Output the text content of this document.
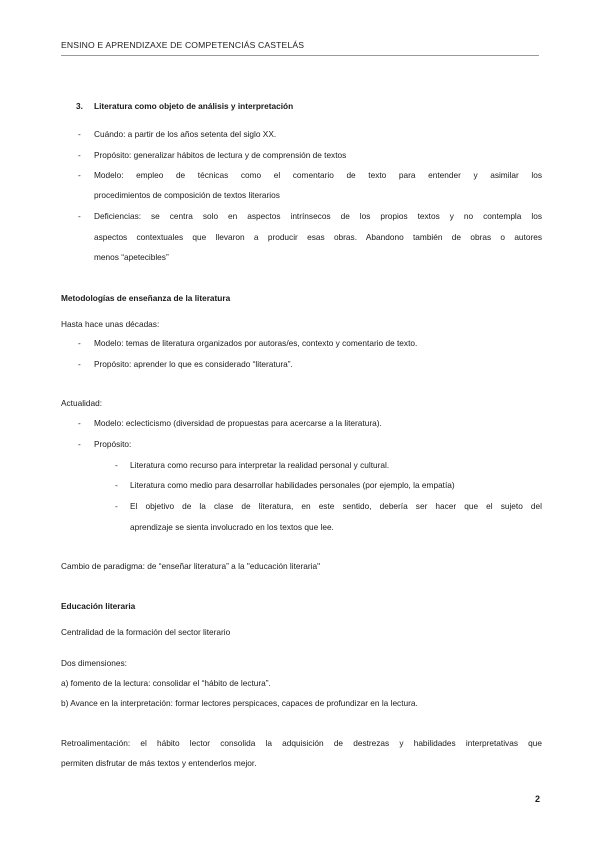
ENSINO E APRENDIZAXE DE COMPETENCIÁS CASTELÁS
3. Literatura como objeto de análisis y interpretación
- Cuándo: a partir de los años setenta del siglo XX.
- Propósito: generalizar hábitos de lectura y de comprensión de textos
- Modelo: empleo de técnicas como el comentario de texto para entender y asimilar los
procedimientos de composición de textos literarios
- Deficiencias: se centra solo en aspectos intrínsecos de los propios textos y no contempla los
aspectos contextuales que llevaron a producir esas obras. Abandono también de obras o autores
menos “apetecibles”
Metodologías de enseñanza de la literatura
Hasta hace unas décadas:
- Modelo: temas de literatura organizados por autoras/es, contexto y comentario de texto.
- Propósito: aprender lo que es considerado “literatura”.
Actualidad:
- Modelo: eclecticismo (diversidad de propuestas para acercarse a la literatura).
- Propósito:
- Literatura como recurso para interpretar la realidad personal y cultural.
- Literatura como medio para desarrollar habilidades personales (por ejemplo, la empatía)
- El objetivo de la clase de literatura, en este sentido, debería ser hacer que el sujeto del
aprendizaje se sienta involucrado en los textos que lee.
Cambio de paradigma: de “enseñar literatura” a la "educación literaria"
Educación literaria
Centralidad de la formación del sector literario
Dos dimensiones:
a) fomento de la lectura: consolidar el “hábito de lectura”.
b) Avance en la interpretación: formar lectores perspicaces, capaces de profundizar en la lectura.
Retroalimentación: el hábito lector consolida la adquisición de destrezas y habilidades interpretativas que
permiten disfrutar de más textos y entenderlos mejor.
2
